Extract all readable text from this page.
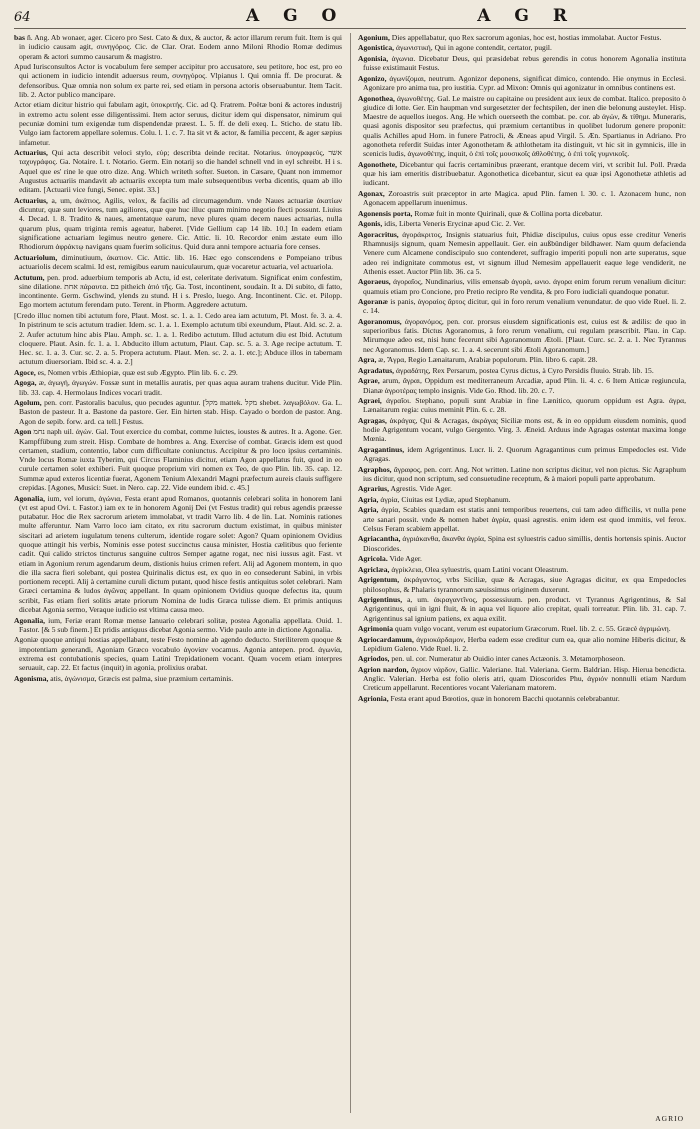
64	A G O	A G R

bas ñ. Ang. Ab wonaer, ager. Cicero pro Sest. Cato & dux, & auctor, & actor illarum rerum fuit. Item is qui in iudicio causam agit, συνηγόρος. Cic. de Clar. Orat. Eodem anno Miloni Rhodio Romæ dedimus operam & actori summo causarum & magistro.

Apud Iurisconsultos Actor is vocabulum fere semper accipitur pro accusatore, seu petitore, hoc est, pro eo qui actionem in iudicio intendit aduersus reum, συνηγόρος. Vlpianus l. Qui omnia ff. De procurat. & defensoribus. Quæ omnia non solum ex parte rei, sed etiam in persona actoris obseruabuntur. Item Tacit. lib. 2. Actor publico mancipare.

Actor etiam dicitur histrio qui fabulam agit, ὑποκριτής. Cic. ad Q. Fratrem. Poëtæ boni & actores industrij in extremo actu solent esse diligentissimi. Item actor seruus, dicitur idem qui dispensator, nimirum qui pecuniæ domini tum exigendæ tum dispendendæ præest. L. 5. ff. de deli exeq. L. Sticho. de statu lib. Vulgo iam factorem appellare solemus. Colu. l. 1. c. 7. Ita sit vt & actor, & familia peccent, & ager sæpius infametur.

Actuarius, Qui acta describit veloci stylo, εὐρ; describta deinde recitat. Notarius. ὑπογραφεύς, אשר ταχυγράφος. Ga. Notaire. I. t. Notario. Germ. Ein notarij so die handel schnell vnd in eyl schreibt. H i s. Aquel que es' rine le que otro dize. Ang. Which writeth softer. Sueton. in Cæsare, Quant non immemor Augustus actuariis mandavit ab actuariis excepta tum male subsequentibus verba dicentis, quam ab illo editam. [Actuarii vice fungi, Senec. epist. 33.]

Actuarius, a, um, ἀκάτιος, Agilis, velox, & facilis ad circumagendum. vnde Naues actuariæ ἀκατίων dicuntur, quæ sunt leviores, tum agiliores, quæ que huc illuc quam minimo negotio flecti possunt. Liuius 4. Decad. l. 8. Tradito & naues, amentatque earum, neve plures quam decem naues actuarias, nulla quarum plus, quam triginta remis ageatur, haberet. [Vide Gellium cap 14 lib. 10.] In eadem etiam significatione actuariam legimus neutro genere. Cic. Attic. li. 10. Recordor enim æstate eum illo Rhodiorum ἀφράκτῳ navigans quam fuerim solicitus. Quid dura anni tempore actuaria fore censes.

Actuariolum, diminutiuum, ἀκατιον. Cic. Attic. lib. 16. Hæc ego conscendens e Pompeiano tribus actuariolis decem scalmi. Id est, remigibus earum nauiculaurum, quæ vocaretur actuaria, vel actuariola.

Actutum, pen. prod. aduerbium temporis ab Actu, id est, celeritate derivatum. Significat enim confestim, sine dilatione. אחת πάραυτα. בם pitheich ἀπό τῆς. Ga. Tost, incontinent, soudain. It a. Di subito, di fatto, incontinente. Germ. Gschwind, ylends zu stund. H i s. Preslo, luego. Ang. Incontinent. Cic. et. Pilopp. Ego mortem actutum ferendam puto. Terent. in Phorm. Aggredere actutum.

[Credo illuc nomen tibi actutum fore, Plaut. Most. sc. 1. a. 1. Cedo area iam actutum, Pl. Most. fe. 3. a. 4. In pistrinum te scis actutum tradier. Idem. sc. 1. a. 1. Exemplo actutum tibi exeundum, Plaut. Ald. sc. 2. a. 2. Aufer actutum hinc abis Plau. Amph. sc. 1. a. 1. Redibo actutum. Illud actutum diu est Ibid. Actutum cloquere. Plaut. Asin. fc. 1. a. 1. Abducito illum actutum, Plaut. Cap. sc. 5. a. 3. Age recipe actutum. T. Hec. sc. 1. a. 3. Cur. sc. 2. a. 5. Propera actutum. Plaut. Men. sc. 2. a. 1. etc.]; Abduce illos in tabernam actutum diuersoriam. Ibid sc. 4. a. 2.]

Agoce, es, Nomen vrbis Æthiopiæ, quæ est sub Ægypto. Plin lib. 6. c. 29.

Agoga, æ, ἀγωγή, ἀγωγών. Fossæ sunt in metallis auratis, per quas aqua auram trahens ducitur. Vide Plin. lib. 33. cap. 4. Hermolaus Indices vocari tradit.

Agolum, pen. corr. Pastoralis baculus, quo pecudes aguntur. [מקל mattek. מקל shebet. λαγωβόλον. Ga. L. Baston de pasteur. It a. Bastone da pastore. Ger. Ein hirten stab. Hisp. Cayado o bordon de pastor. Ang. Agon de sepib. forw. ard. ca tell.] Festus.

Agon נחמ naph uil. ἀγών. Gal. Tout exercice du combat, comme luictes, ioustes & autres. It a. Agone. Ger. Kampffübung zum streit. Hisp. Combate de hombres a. Ang. Exercise of combat. Græcis idem est quod certamen, stadium, contentio, labor cum difficultate coniunctus. Accipitur & pro loco ipsius certaminis. Vnde locus Romæ iuxta Tyberim, qui Circus Flaminius dicitur, etiam Agon appellatus fuit, quod in eo curule certamen solet exhiberi. Fuit quoque proprium viri nomen ex Teo, de quo Plin. lib. 35. cap. 12. Summæ apud exteros licentiæ fuerat, Agonem Tenium Alexandri Magni præfectum aureis clauis suffigere crepidas. [Agones, Musici: Suet. in Nero. cap. 22. Vide eundem ibid. c. 45.]

Agonalia, ium, vel iorum, ἀγώνια, Festa erant apud Romanos, quotannis celebrari solita in honorem Iani (vt est apud Ovi. t. Fastor.) iam ex te in honorem Agonij Dei (vt Festus tradit) qui rebus agendis præesse putabatur. Hoc die Rex sacrorum arietem immolabat, vt tradit Varro lib. 4 de lin. Lat. Nominis rationes multe afferuntur. Nam Varro loco iam citato, ex ritu sacrorum ductum existimat, in quibus minister siscitari ad arietem iugulatum tenens culterum, identide rogare solet: Agon? Quam opinionem Ovidius quoque attingit his verbis, Nominis esse potest succinctus causa minister, Hostia cælitibus quo feriente cadit. Qui calido strictos tincturus sanguine cultros Semper agatne rogat, nec nisi iussus agit. Fast. vt etiam in Agonium rerum agendarum deum, distionis huius crimen refert. Alij ad Agonem montem, in quo die illa sacra fieri solebant, qui postea Quirinalis dictus est, ex quo in eo consederunt Sabini, in vrbis portionem recepti. Alij à certamine curuli dictum putant, quod hisce festis antiquitus solet celebrari. Nam Græci certamina & ludos ἀγῶνας appellant. In quam opinionem Ovidius quoque defectus ita, quum scribit, Fas etiam fieri solitis ætate priorum Nomina de ludis Græca tulisse diem. Et primis antiquus dicebat Agonia sermo, Veraque iudicio est vltima causa meo.

Agonalia, ium, Feriæ erant Romæ mense Ianuario celebrari solitæ, postea Agonalia appellata. Ouid. 1. Fastor. [& 5 sub finem.] Et pridis antiquus dicebat Agonia sermo. Vide paulo ante in dictione Agonalia.

Agoniæ quoque antiqui hostias appellabant, teste Festo nomine ab agendo deducto. Steriliterem quoque & impotentiam generandi, Agoniam Græco vocabulo ἀγονίαν vocamus. Agonia antepen. prod. ἀγωνία, extrema est contubationis species, quam Latini Trepidationem vocant. Quam vocem etiam interpres seruauit, cap. 22. Et factus (inquit) in agonia, prolixius orabat.

Agonisma, atis, ἀγώνισμα, Græcis est palma, siue præmium certaminis.

Agonium, Dies appellabatur, quo Rex sacrorum agonias, hoc est, hostias immolabat. Auctor Festus.

Agonistica, ἀγωνιστική, Qui in agone contendit, certator, pugil.

Agonisia, ἀγωνια. Dicebatur Deus, qui præsidebat rebus gerendis in cotus honorem Agonalia instituta fuisse existimauit Festus.

Agonizo, ἀγωνίζομαι, neutrum. Agonizor deponens, significat dimico, contendo. Hie onymus in Ecclesi. Agonizare pro anima tua, pro iustitia. Cypr. ad Mixon: Omnis qui agonizatur in omnibus continens est.

Agonothea, ἀγωνοθέτης. Gal. Le maistre ou capitaine ou president aux ieux de combat. Italico. preposito ò giudice di lotte. Ger. Ein haupman vnd surgesetzter der fechtspilen, der inen die belonung austeylet. Hisp. Maestre de aquellos iuegos. Ang. He which ouerseeth the combat. pe. cor. ab ἀγών, & τίθημι. Muneraris, quasi agonis dispositor seu præfectus, qui præmium certantibus in quolibet ludorum genere proponit: qualis Achilles apud Hom. in funere Patrocli, & Æneas apud Virgil. 5. Æn. Spartianus in Adriano. Pro agonotheta referdit Suidas inter Agonothetam & athlothetam ita distinguit, vt hic sit in gymnicis, ille in scenicis ludis, ἀγωνοθέτης, inquit, ὁ ἐπὶ τοῖς μουσικοῖς ἀθλοθέτης, ὁ ἐπὶ τοῖς γυμνικοῖς.

Agonothete, Dicebantur qui facris certaminibus præerant, erantque decem viri, vt scribit Iul. Poll. Præda quæ his iam emeritis distribuebatur. Agonothetica dicebantur, sicut ea quæ ipsi Agonothetæ athletis ad iudicant.

Agonax, Zoroastris suit præceptor in arte Magica. apud Plin. famen l. 30. c. 1. Azonacem hunc, non Agonacem appellarum inuenimus.

Agonensis porta, Romæ fuit in monte Quirinali, quæ & Collina porta dicebatur.

Agonis, idis, Liberta Veneris Erycinæ apud Cic. 2. Ver.

Agoracritus, ἀγοράκριτος, Insignis statuarius fuit, Phidiæ discipulus, cuius opus esse creditur Veneris Rhamnusijs signum, quam Nemesin appellauit. Ger. ein außbündiger bildhawer. Nam quum defacienda Venere cum Alcamene condiscipulo suo contenderet, suffragio imperiti populi non arte superatus, sque adeo rei indignitate commotus est, vt signum illud Nemesim appellauerit eaque lege vendiderit, ne Athenis esset. Auctor Plin lib. 36. ca 5.

Agoraeus, ἀγοραῖος, Nundinarius, vilis emensab ἀγορὰ, ωνιο. ἀγορα enim forum rerum venalium dicitur: quamuis etiam pro Concione, pro Pretio recipro Re vendita, & pro Foro iudiciali quandoque ponatur.

Agoranæ is panis, ἀγοραίος ἄρτος dicitur, qui in foro rerum venalium venundatur. de quo vide Ruel. li. 2. c. 14.

Agoranomus, ἀγορανόμος, pen. cor. prorsus eiusdem significationis est, cuius est & ædilis: de quo in superioribus fatis. Dictus Agoranomus, à foro rerum venalium, cui regulam præscribit. Plau. in Cap. Mirumque adeo est, nisi hunc fecerunt sibi Agoranomum Ætoli. [Plaut. Curc. sc. 2. a. 1. Nec Tyrannus nec Agoranomus. Idem Cap. sc. 1. a. 4. secerunt sibi Ætoli Agoranomum.]

Agra, æ, Ἄγρα, Regio Lænaitarum, Arabiæ populorum. Plin. libro 6. capit. 28.

Agradatus, ἀγραδάτης, Rex Persarum, postea Cyrus dictus, à Cyro Persidis fluuio. Strab. lib. 15.

Agrae, arum, ἄγραι, Oppidum est mediterraneum Arcadiæ, apud Plin. li. 4. c. 6 Item Atticæ regiuncula, Dianæ ἀγροτέρας templo insignis. Vide Go. Rhod. lib. 20. c. 7.

Agraei, ἀγραῖοι. Stephano, populi sunt Arabiæ in fine Lænitico, quorum oppidum est Agra. ἀγρα, Lænaitarum regia: cuius meminit Plin. 6. c. 28.

Agragas, ἀκράγας, Qui & Acragas, ἀκράγας Siciliæ mons est, & in eo oppidum eiusdem nominis, quod hodie Agrigentum vocant, vulgo Gergento. Virg. 3. Æneid. Arduus inde Agragas ostentat maxima longe Mœnia.

Agragantinus, idem Agrigentinus. Lucr. li. 2. Quorum Agragantinus cum primus Empedocles est. Vide Agragas.

Agraphos, ἄγραφος, pen. corr. Ang. Not written. Latine non scriptus dicitur, vel non pictus. Sic Agraphum ius dicitur, quod non scriptum, sed consuetudine receptum, & à maiori populi parte approbatum.

Agrarius, Agrestis. Vide Ager.

Agria, ἀγρία, Ciuitas est Lydiæ, apud Stephanum.

Agria, ἀγρία, Scabies quædam est statis anni temporibus reuertens, cui tam adeo difficilis, vt nulla pene arte sanari possit. vnde & nomen habet ἀγρία, quasi agrestis. enim idem est quod immitis, vel ferox. Celsus Feram scabiem appellat.

Agriacantha, ἀγριάκανθα, ἄκανθα ἀγρία, Spina est syluestris caduo simillis, dentis hortensis spinis. Auctor Dioscorides.

Agricola. Vide Ager.

Agriclæa, ἀγρίκλεια, Olea syluestris, quam Latini vocant Oleastrum.

Agrigentum, ἀκράγαντος, vrbs Siciliæ, quæ & Acragas, siue Agragas dicitur, ex qua Empedocles philosophus, & Phalaris tyrannorum sæuissimus originem duxerunt.

Agrigentinus, a, um. ἀκραγαντῖνος, possessiuum. pen. product. vt Tyrannus Agrigentinus, & Sal Agrigentinus, qui in igni fluit, & in aqua vel liquore alio crepitat, quali torreatur. Plin. lib. 31. cap. 7. Agrigentinus sal ignium patiens, ex aqua exilit.

Agrimonia quam vulgo vocant, verum est eupatorium Græcorum. Ruel. lib. 2. c. 55. Græcè ἀγριμώνη.

Agriocardamum, ἀγριοκάρδαμον, Herba eadem esse creditur cum ea, quæ alio nomine Hiberis dicitur, & Lepidium Galeno. Vide Ruel. li. 2.

Agriodos, pen. ul. cor. Numeratur ab Ouidio inter canes Actæonis. 3. Metamorphoseon.

Agrion nardon, ἄγριον νάρδον, Gallic. Valeriane. Ital. Valeriana. Germ. Baldrian. Hisp. Hierua bencdicta. Anglic. Valerian. Herba est folio oleris atri, quam Dioscorides Phu, ἀγριόν nonnulli etiam Nardum Creticum appellarunt. Recentiores vocant Valerianam matorem.

Agrionia, Festa erant apud Bœotios, quæ in honorem Bacchi quotannis celebrabantur.

AGRIO
